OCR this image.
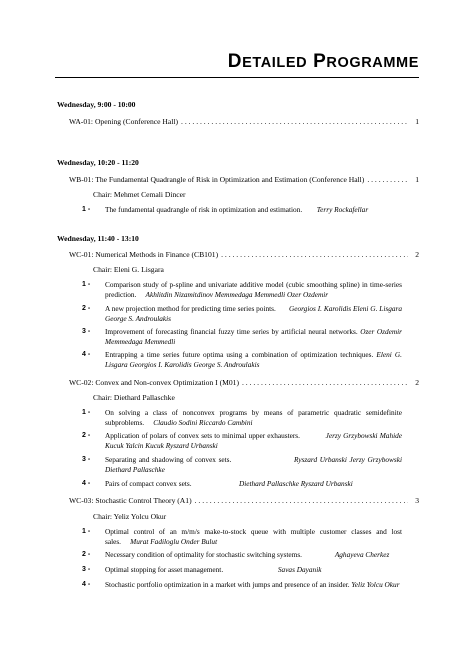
DETAILED PROGRAMME
Wednesday, 9:00 - 10:00
WA-01: Opening (Conference Hall) . . .	1
Wednesday, 10:20 - 11:20
WB-01: The Fundamental Quadrangle of Risk in Optimization and Estimation (Conference Hall) . . .	1
Chair: Mehmet Cemali Dincer
1 -	The fundamental quadrangle of risk in optimization and estimation. Terry Rockafellar
Wednesday, 11:40 - 13:10
WC-01: Numerical Methods in Finance (CB101) . . .	2
Chair: Eleni G. Lisgara
1 -	Comparison study of p-spline and univariate additive model (cubic smoothing spline) in time-series prediction. Akhlitdin Nizamitdinov Memmedaga Memmedli Ozer Ozdemir
2 -	A new projection method for predicting time series points. Georgios I. Karolidis Eleni G. Lisgara George S. Androulakis
3 -	Improvement of forecasting financial fuzzy time series by artificial neural networks. Ozer Ozdemir Memmedaga Memmedli
4 -	Entrapping a time series future optima using a combination of optimization techniques. Eleni G. Lisgara Georgios I. Karolidis George S. Androulakis
WC-02: Convex and Non-convex Optimization I (M01) . . .	2
Chair: Diethard Pallaschke
1 -	On solving a class of nonconvex programs by means of parametric quadratic semidefinite subproblems. Claudio Sodini Riccardo Cambini
2 -	Application of polars of convex sets to minimal upper exhausters.	Jerzy Grzybowski Mahide Kucuk Yalcin Kucuk Ryszard Urbanski
3 -	Separating and shadowing of convex sets.	Ryszard Urbanski Jerzy Grzybowski Diethard Pallaschke
4 -	Pairs of compact convex sets.	Diethard Pallaschke Ryszard Urbanski
WC-03: Stochastic Control Theory (A1) . . .	3
Chair: Yeliz Yolcu Okur
1 -	Optimal control of an m/m/s make-to-stock queue with multiple customer classes and lost sales. Murat Fadiloglu Onder Bulut
2 -	Necessary condition of optimality for stochastic switching systems.	Aghayeva Cherkez
3 -	Optimal stopping for asset management.	Savas Dayanik
4 -	Stochastic portfolio optimization in a market with jumps and presence of an insider. Yeliz Yolcu Okur
